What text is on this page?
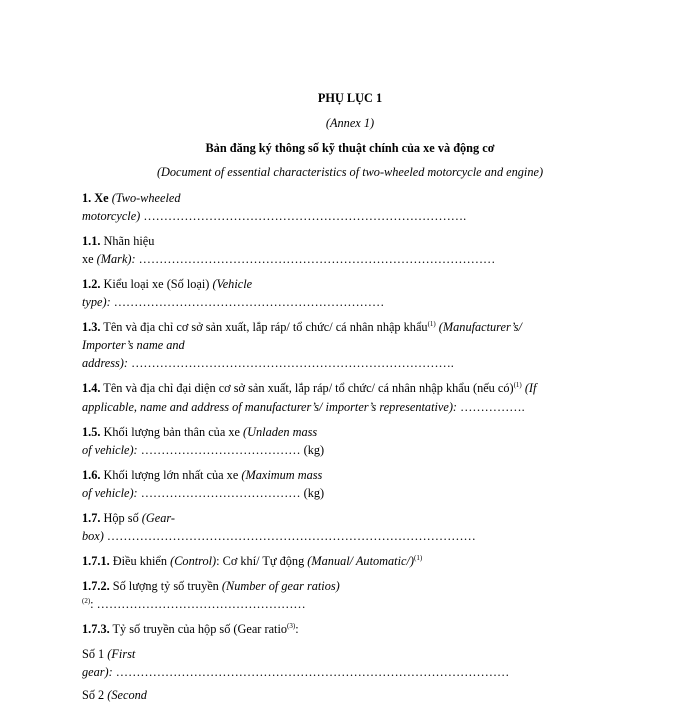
PHỤ LỤC 1
(Annex 1)
Bản đăng ký thông số kỹ thuật chính của xe và động cơ
(Document of essential characteristics of two-wheeled motorcycle and engine)
1. Xe (Two-wheeled
motorcycle) …………………………………………………………………….
1.1. Nhãn hiệu
xe (Mark): ……………………………………………………………………………
1.2. Kiểu loại xe (Số loại) (Vehicle
type): …………………………………………………………
1.3. Tên và địa chỉ cơ sở sản xuất, lắp ráp/ tổ chức/ cá nhân nhập khẩu$^{(1)}$ (Manufacturer’s/
Importer’s name and
address): …………………………………………………………………….
1.4. Tên và địa chỉ đại diện cơ sở sản xuất, lắp ráp/ tổ chức/ cá nhân nhập khẩu (nếu có)$^{(1)}$ (If
applicable, name and address of manufacturer’s/ importer’s representative): …………….
1.5. Khối lượng bản thân của xe (Unladen mass
of vehicle): ………………………………… (kg)
1.6. Khối lượng lớn nhất của xe (Maximum mass
of vehicle): ………………………………… (kg)
1.7. Hộp số (Gear-
box) ………………………………………………………………………………
1.7.1. Điều khiển (Control): Cơ khí/ Tự động (Manual/ Automatic/)$^{(1)}$
1.7.2. Số lượng tỷ số truyền (Number of gear ratios)
$^{(2)}$: ……………………………………………
1.7.3. Tỷ số truyền của hộp số (Gear ratio$^{(3)}$:
Số 1 (First
gear): ……………………………………………………………………………………
Số 2 (Second
